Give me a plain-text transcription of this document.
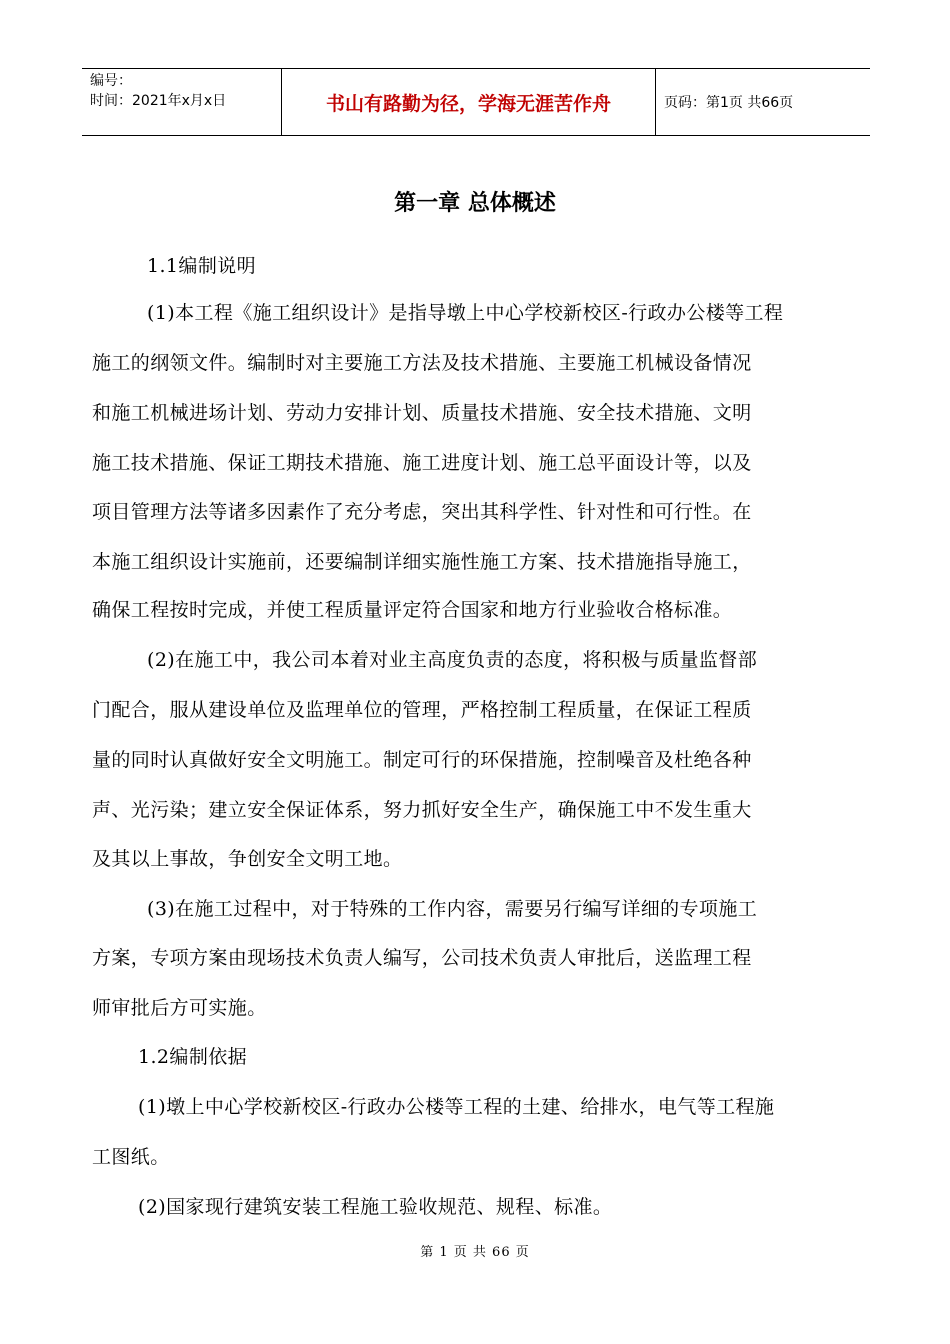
编号：
时间：2021年x月x日	书山有路勤为径，学海无涯苦作舟	页码：第1页 共66页
第一章 总体概述
1.1编制说明
(1)本工程《施工组织设计》是指导墩上中心学校新校区-行政办公楼等工程
施工的纲领文件。编制时对主要施工方法及技术措施、主要施工机械设备情况
和施工机械进场计划、劳动力安排计划、质量技术措施、安全技术措施、文明
施工技术措施、保证工期技术措施、施工进度计划、施工总平面设计等，以及
项目管理方法等诸多因素作了充分考虑，突出其科学性、针对性和可行性。在
本施工组织设计实施前，还要编制详细实施性施工方案、技术措施指导施工，
确保工程按时完成，并使工程质量评定符合国家和地方行业验收合格标准。
(2)在施工中，我公司本着对业主高度负责的态度，将积极与质量监督部
门配合，服从建设单位及监理单位的管理，严格控制工程质量，在保证工程质
量的同时认真做好安全文明施工。制定可行的环保措施，控制噪音及杜绝各种
声、光污染；建立安全保证体系，努力抓好安全生产，确保施工中不发生重大
及其以上事故，争创安全文明工地。
(3)在施工过程中，对于特殊的工作内容，需要另行编写详细的专项施工
方案，专项方案由现场技术负责人编写，公司技术负责人审批后，送监理工程
师审批后方可实施。
1.2编制依据
(1)墩上中心学校新校区-行政办公楼等工程的土建、给排水，电气等工程施
工图纸。
(2)国家现行建筑安装工程施工验收规范、规程、标准。
第 1 页 共 66 页
